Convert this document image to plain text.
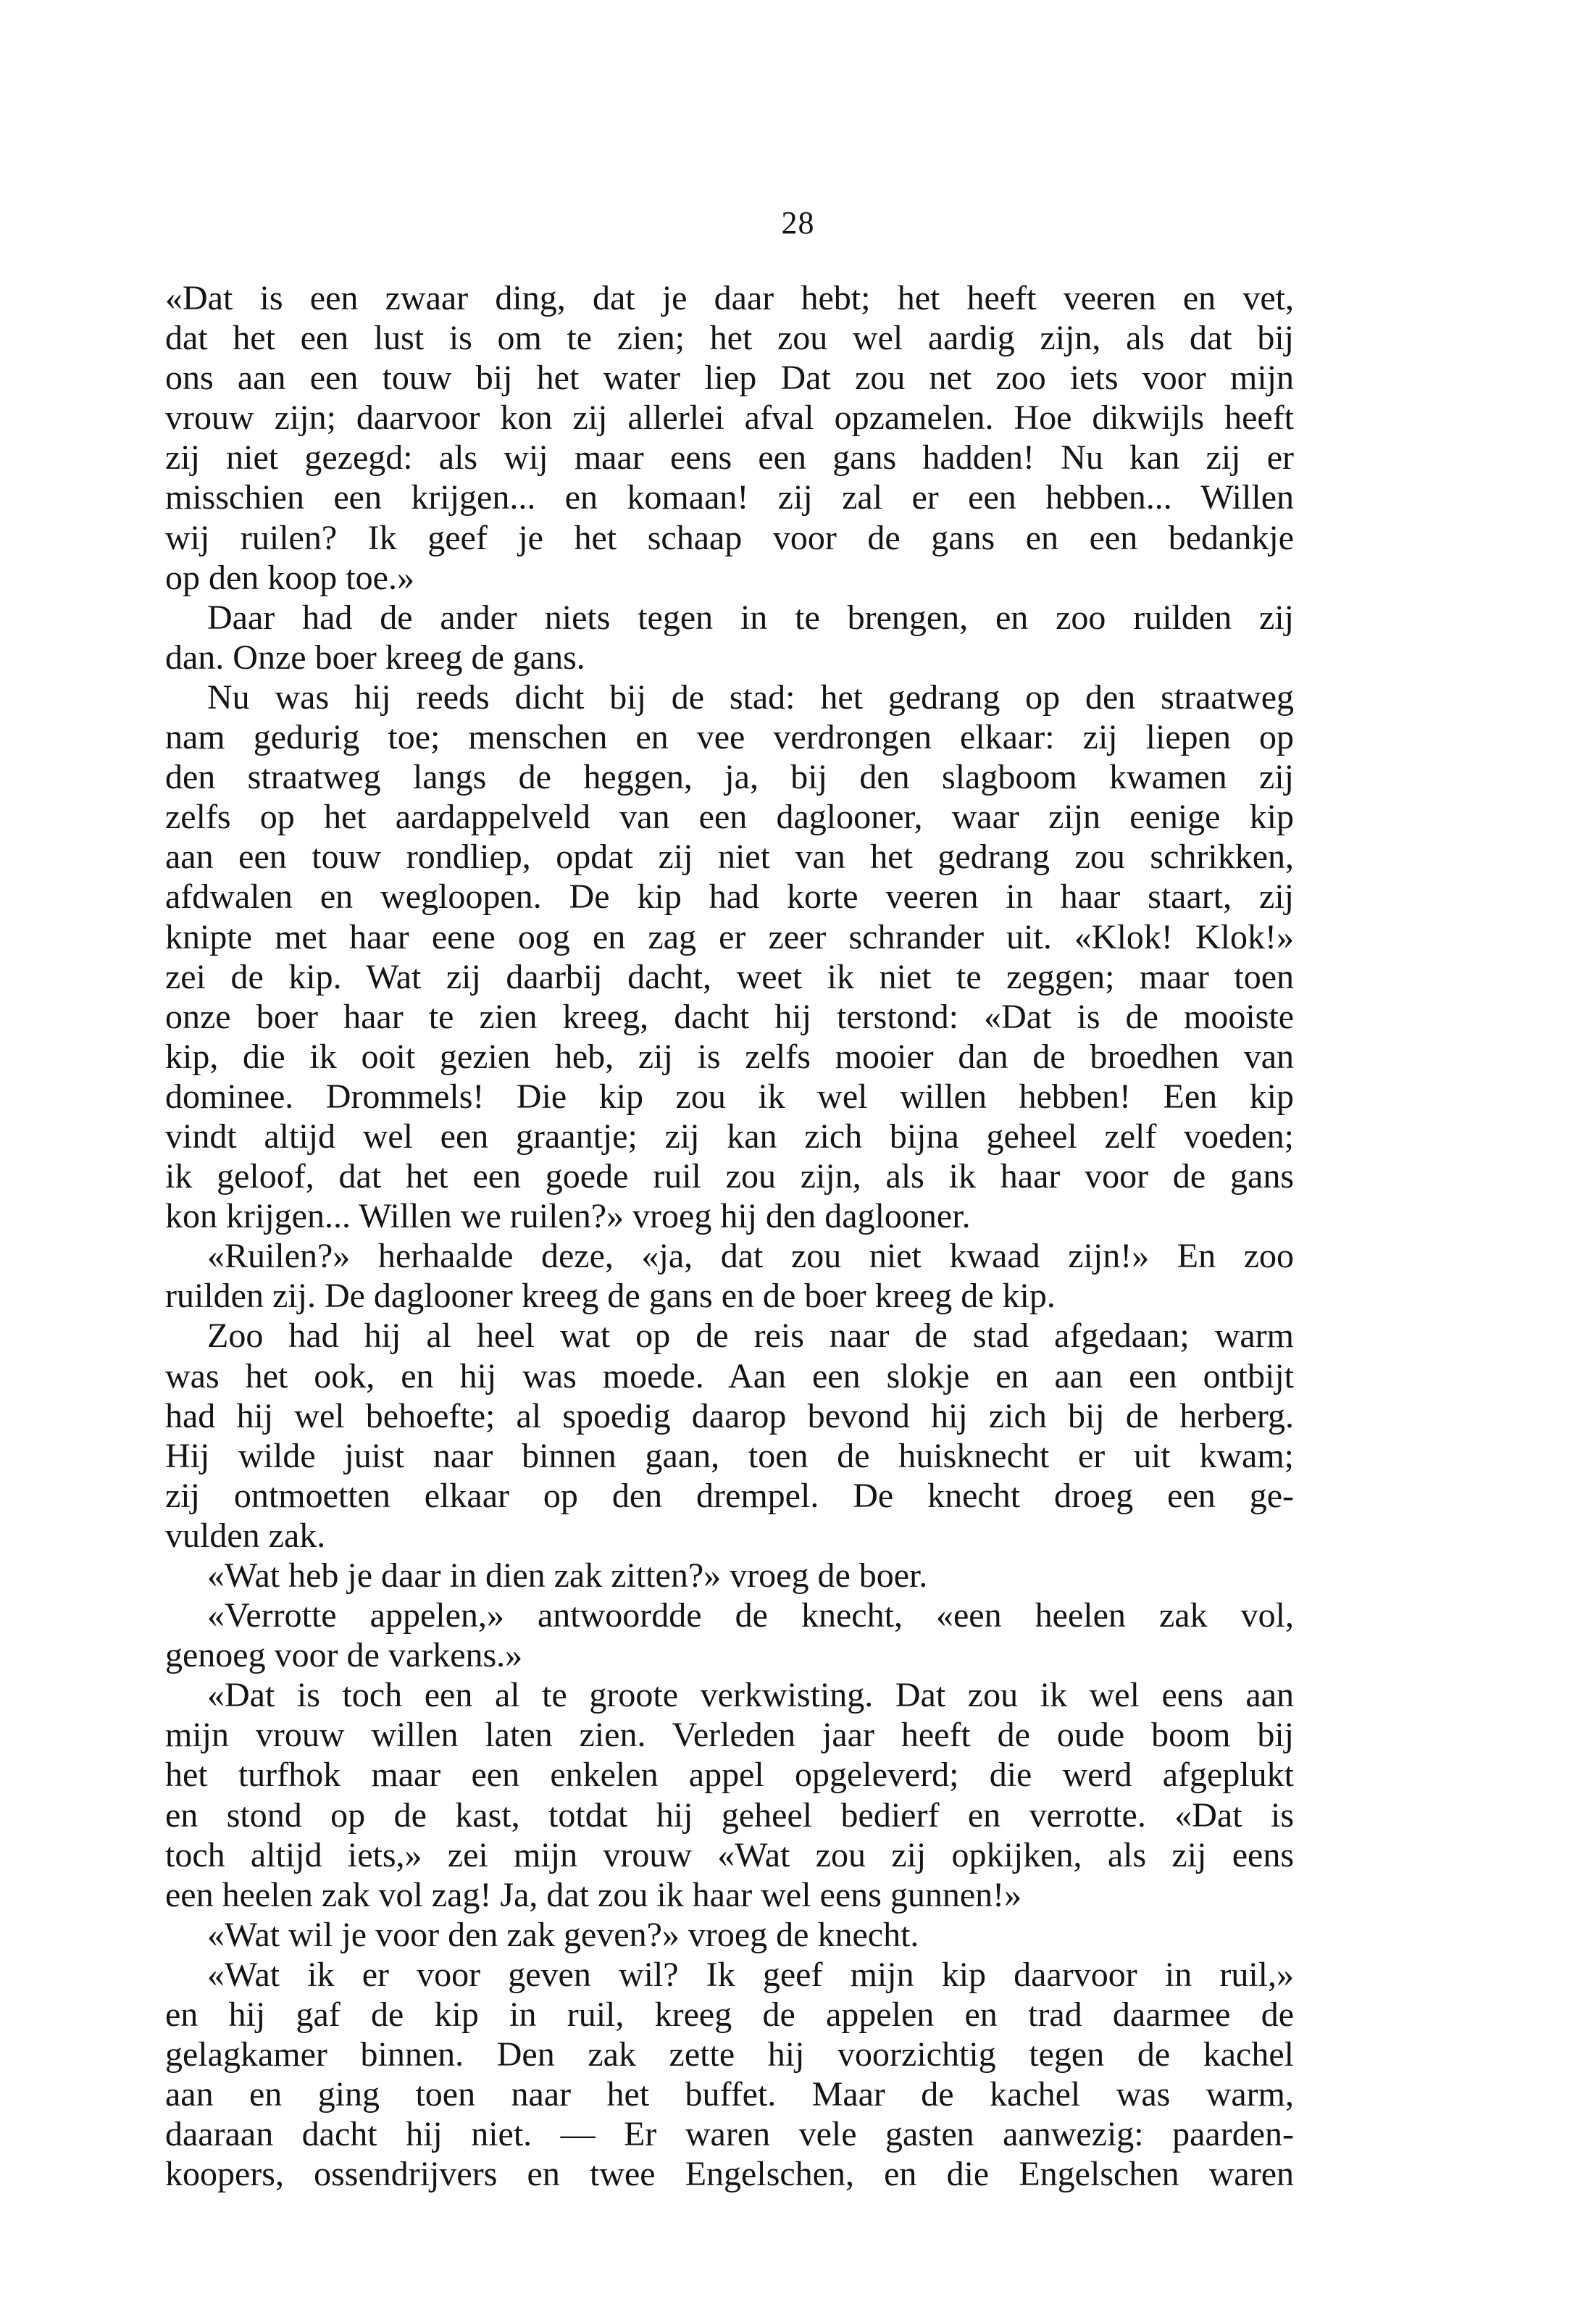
28
«Dat is een zwaar ding, dat je daar hebt; het heeft veeren en vet,
dat het een lust is om te zien; het zou wel aardig zijn, als dat bij
ons aan een touw bij het water liep Dat zou net zoo iets voor mijn
vrouw zijn; daarvoor kon zij allerlei afval opzamelen. Hoe dikwijls heeft
zij niet gezegd: als wij maar eens een gans hadden! Nu kan zij er
misschien een krijgen... en komaan! zij zal er een hebben... Willen
wij ruilen? Ik geef je het schaap voor de gans en een bedankje
op den koop toe.»
Daar had de ander niets tegen in te brengen, en zoo ruilden zij
dan. Onze boer kreeg de gans.
Nu was hij reeds dicht bij de stad: het gedrang op den straatweg
nam gedurig toe; menschen en vee verdrongen elkaar: zij liepen op
den straatweg langs de heggen, ja, bij den slagboom kwamen zij
zelfs op het aardappelveld van een daglooner, waar zijn eenige kip
aan een touw rondliep, opdat zij niet van het gedrang zou schrikken,
afdwalen en wegloopen. De kip had korte veeren in haar staart, zij
knipte met haar eene oog en zag er zeer schrander uit. «Klok! Klok!»
zei de kip. Wat zij daarbij dacht, weet ik niet te zeggen; maar toen
onze boer haar te zien kreeg, dacht hij terstond: «Dat is de mooiste
kip, die ik ooit gezien heb, zij is zelfs mooier dan de broedhen van
dominee. Drommels! Die kip zou ik wel willen hebben! Een kip
vindt altijd wel een graantje; zij kan zich bijna geheel zelf voeden;
ik geloof, dat het een goede ruil zou zijn, als ik haar voor de gans
kon krijgen... Willen we ruilen?» vroeg hij den daglooner.
«Ruilen?» herhaalde deze, «ja, dat zou niet kwaad zijn!» En zoo
ruilden zij. De daglooner kreeg de gans en de boer kreeg de kip.
Zoo had hij al heel wat op de reis naar de stad afgedaan; warm
was het ook, en hij was moede. Aan een slokje en aan een ontbijt
had hij wel behoefte; al spoedig daarop bevond hij zich bij de herberg.
Hij wilde juist naar binnen gaan, toen de huisknecht er uit kwam;
zij ontmoetten elkaar op den drempel. De knecht droeg een ge-
vulden zak.
«Wat heb je daar in dien zak zitten?» vroeg de boer.
«Verrotte appelen,» antwoordde de knecht, «een heelen zak vol,
genoeg voor de varkens.»
«Dat is toch een al te groote verkwisting. Dat zou ik wel eens aan
mijn vrouw willen laten zien. Verleden jaar heeft de oude boom bij
het turfhok maar een enkelen appel opgeleverd; die werd afgeplukt
en stond op de kast, totdat hij geheel bedierf en verrotte. «Dat is
toch altijd iets,» zei mijn vrouw «Wat zou zij opkijken, als zij eens
een heelen zak vol zag! Ja, dat zou ik haar wel eens gunnen!»
«Wat wil je voor den zak geven?» vroeg de knecht.
«Wat ik er voor geven wil? Ik geef mijn kip daarvoor in ruil,»
en hij gaf de kip in ruil, kreeg de appelen en trad daarmee de
gelagkamer binnen. Den zak zette hij voorzichtig tegen de kachel
aan en ging toen naar het buffet. Maar de kachel was warm,
daaraan dacht hij niet. — Er waren vele gasten aanwezig: paarden-
koopers, ossendrijvers en twee Engelschen, en die Engelschen waren
